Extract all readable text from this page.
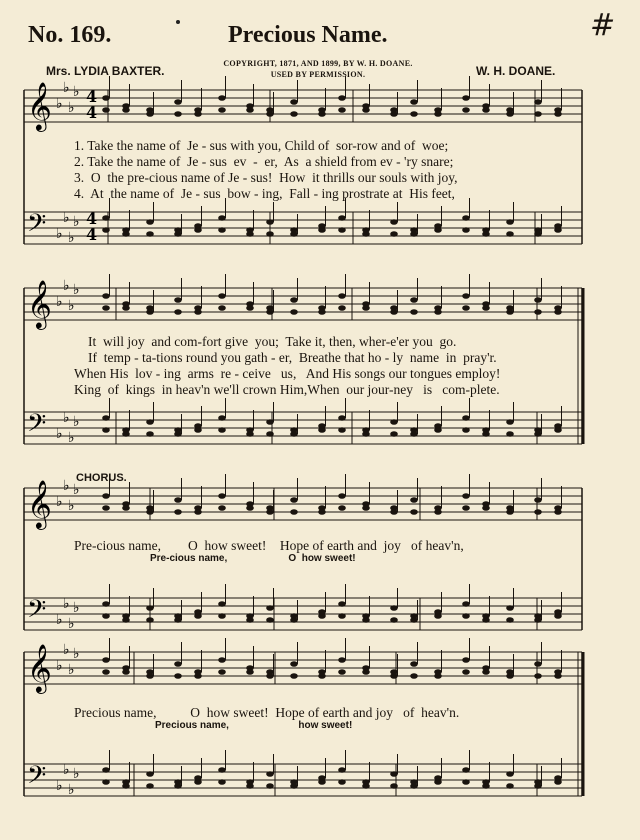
No. 169.	Precious Name.	#
COPYRIGHT, 1871, AND 1899, BY W. H. DOANE.
USED BY PERMISSION.
Mrs. LYDIA BAXTER.	W. H. DOANE.
1. Take the name of  Je - sus with you, Child of  sor-row and of  woe;
2. Take the name of  Je - sus  ev  -  er,  As  a shield from ev - 'ry snare;
3.  O  the pre-cious name of Je - sus!  How  it thrills our souls with joy,
4.  At  the name of  Je - sus  bow - ing,  Fall - ing prostrate at  His feet,
It  will joy  and com-fort give  you;  Take it, then, wher-e'er you  go.
If  temp - ta-tions round you gath - er,  Breathe that ho - ly  name  in  pray'r.
When His  lov - ing  arms  re - ceive   us,   And His songs our tongues employ!
King  of  kings  in heav'n we'll crown Him,When  our jour-ney   is   com-plete.
CHORUS.
Pre-cious name,        O  how sweet!    Hope of earth and  joy   of heav'n,
Pre-cious name,                      O  how sweet!
Precious name,          O  how sweet!  Hope of earth and joy   of  heav'n.
Precious name,                         how sweet!
𝄞
𝄢
♭
♭
♭
♭
♭
♭
♭
♭
𝄞
𝄢
♭
♭
♭
♭
♭
♭
♭
♭
𝄞
𝄢
♭
♭
♭
♭
♭
♭
♭
♭
𝄞
𝄢
♭
♭
♭
♭
♭
♭
♭
♭
4
4
4
4
